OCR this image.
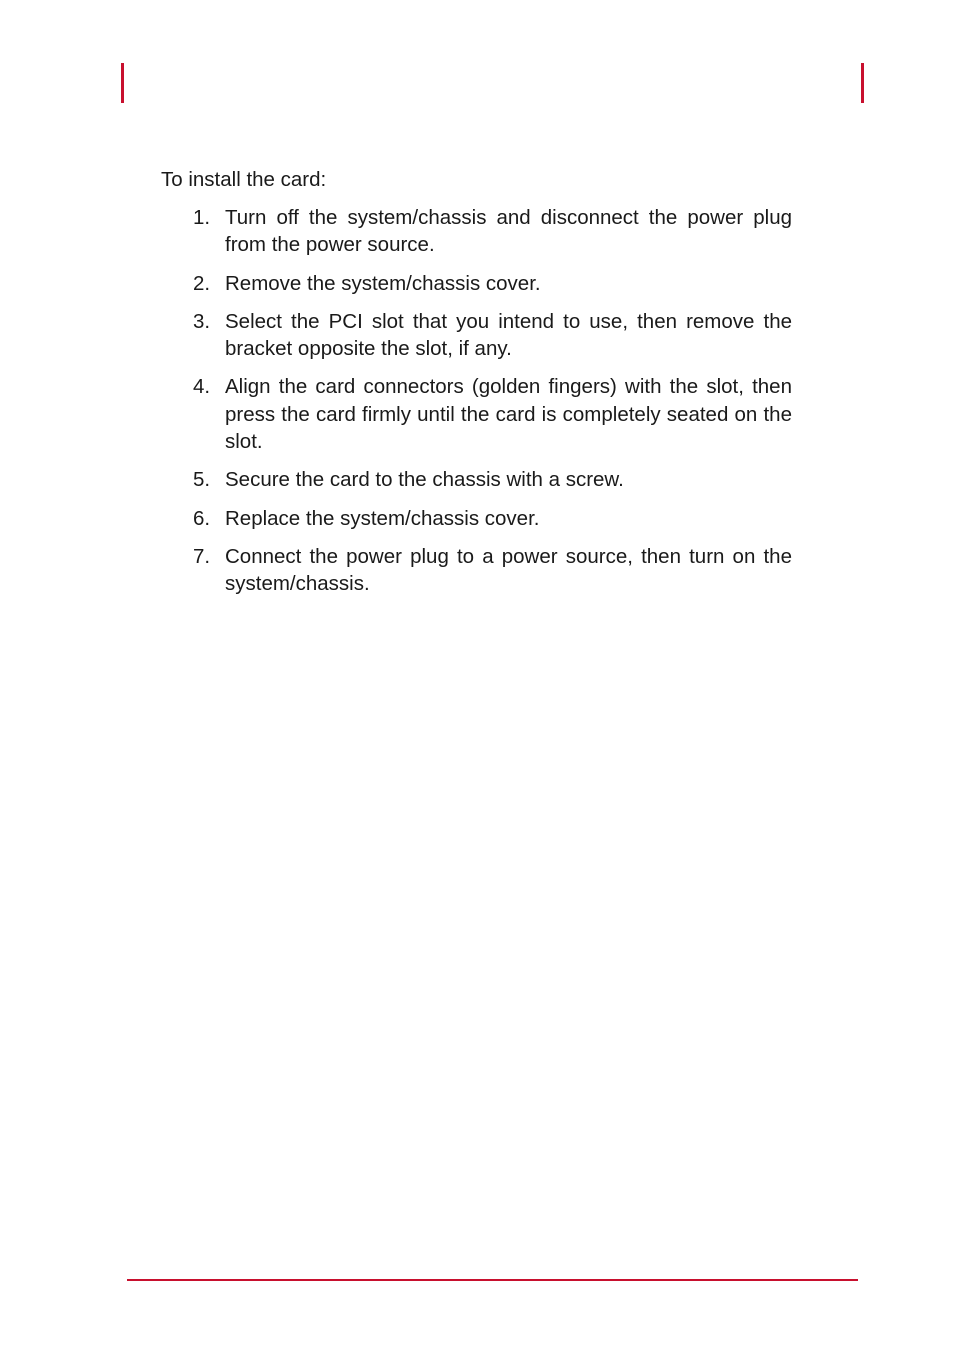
To install the card:

1. Turn off the system/chassis and disconnect the power plug from the power source.
2. Remove the system/chassis cover.
3. Select the PCI slot that you intend to use, then remove the bracket opposite the slot, if any.
4. Align the card connectors (golden fingers) with the slot, then press the card firmly until the card is completely seated on the slot.
5. Secure the card to the chassis with a screw.
6. Replace the system/chassis cover.
7. Connect the power plug to a power source, then turn on the system/chassis.
